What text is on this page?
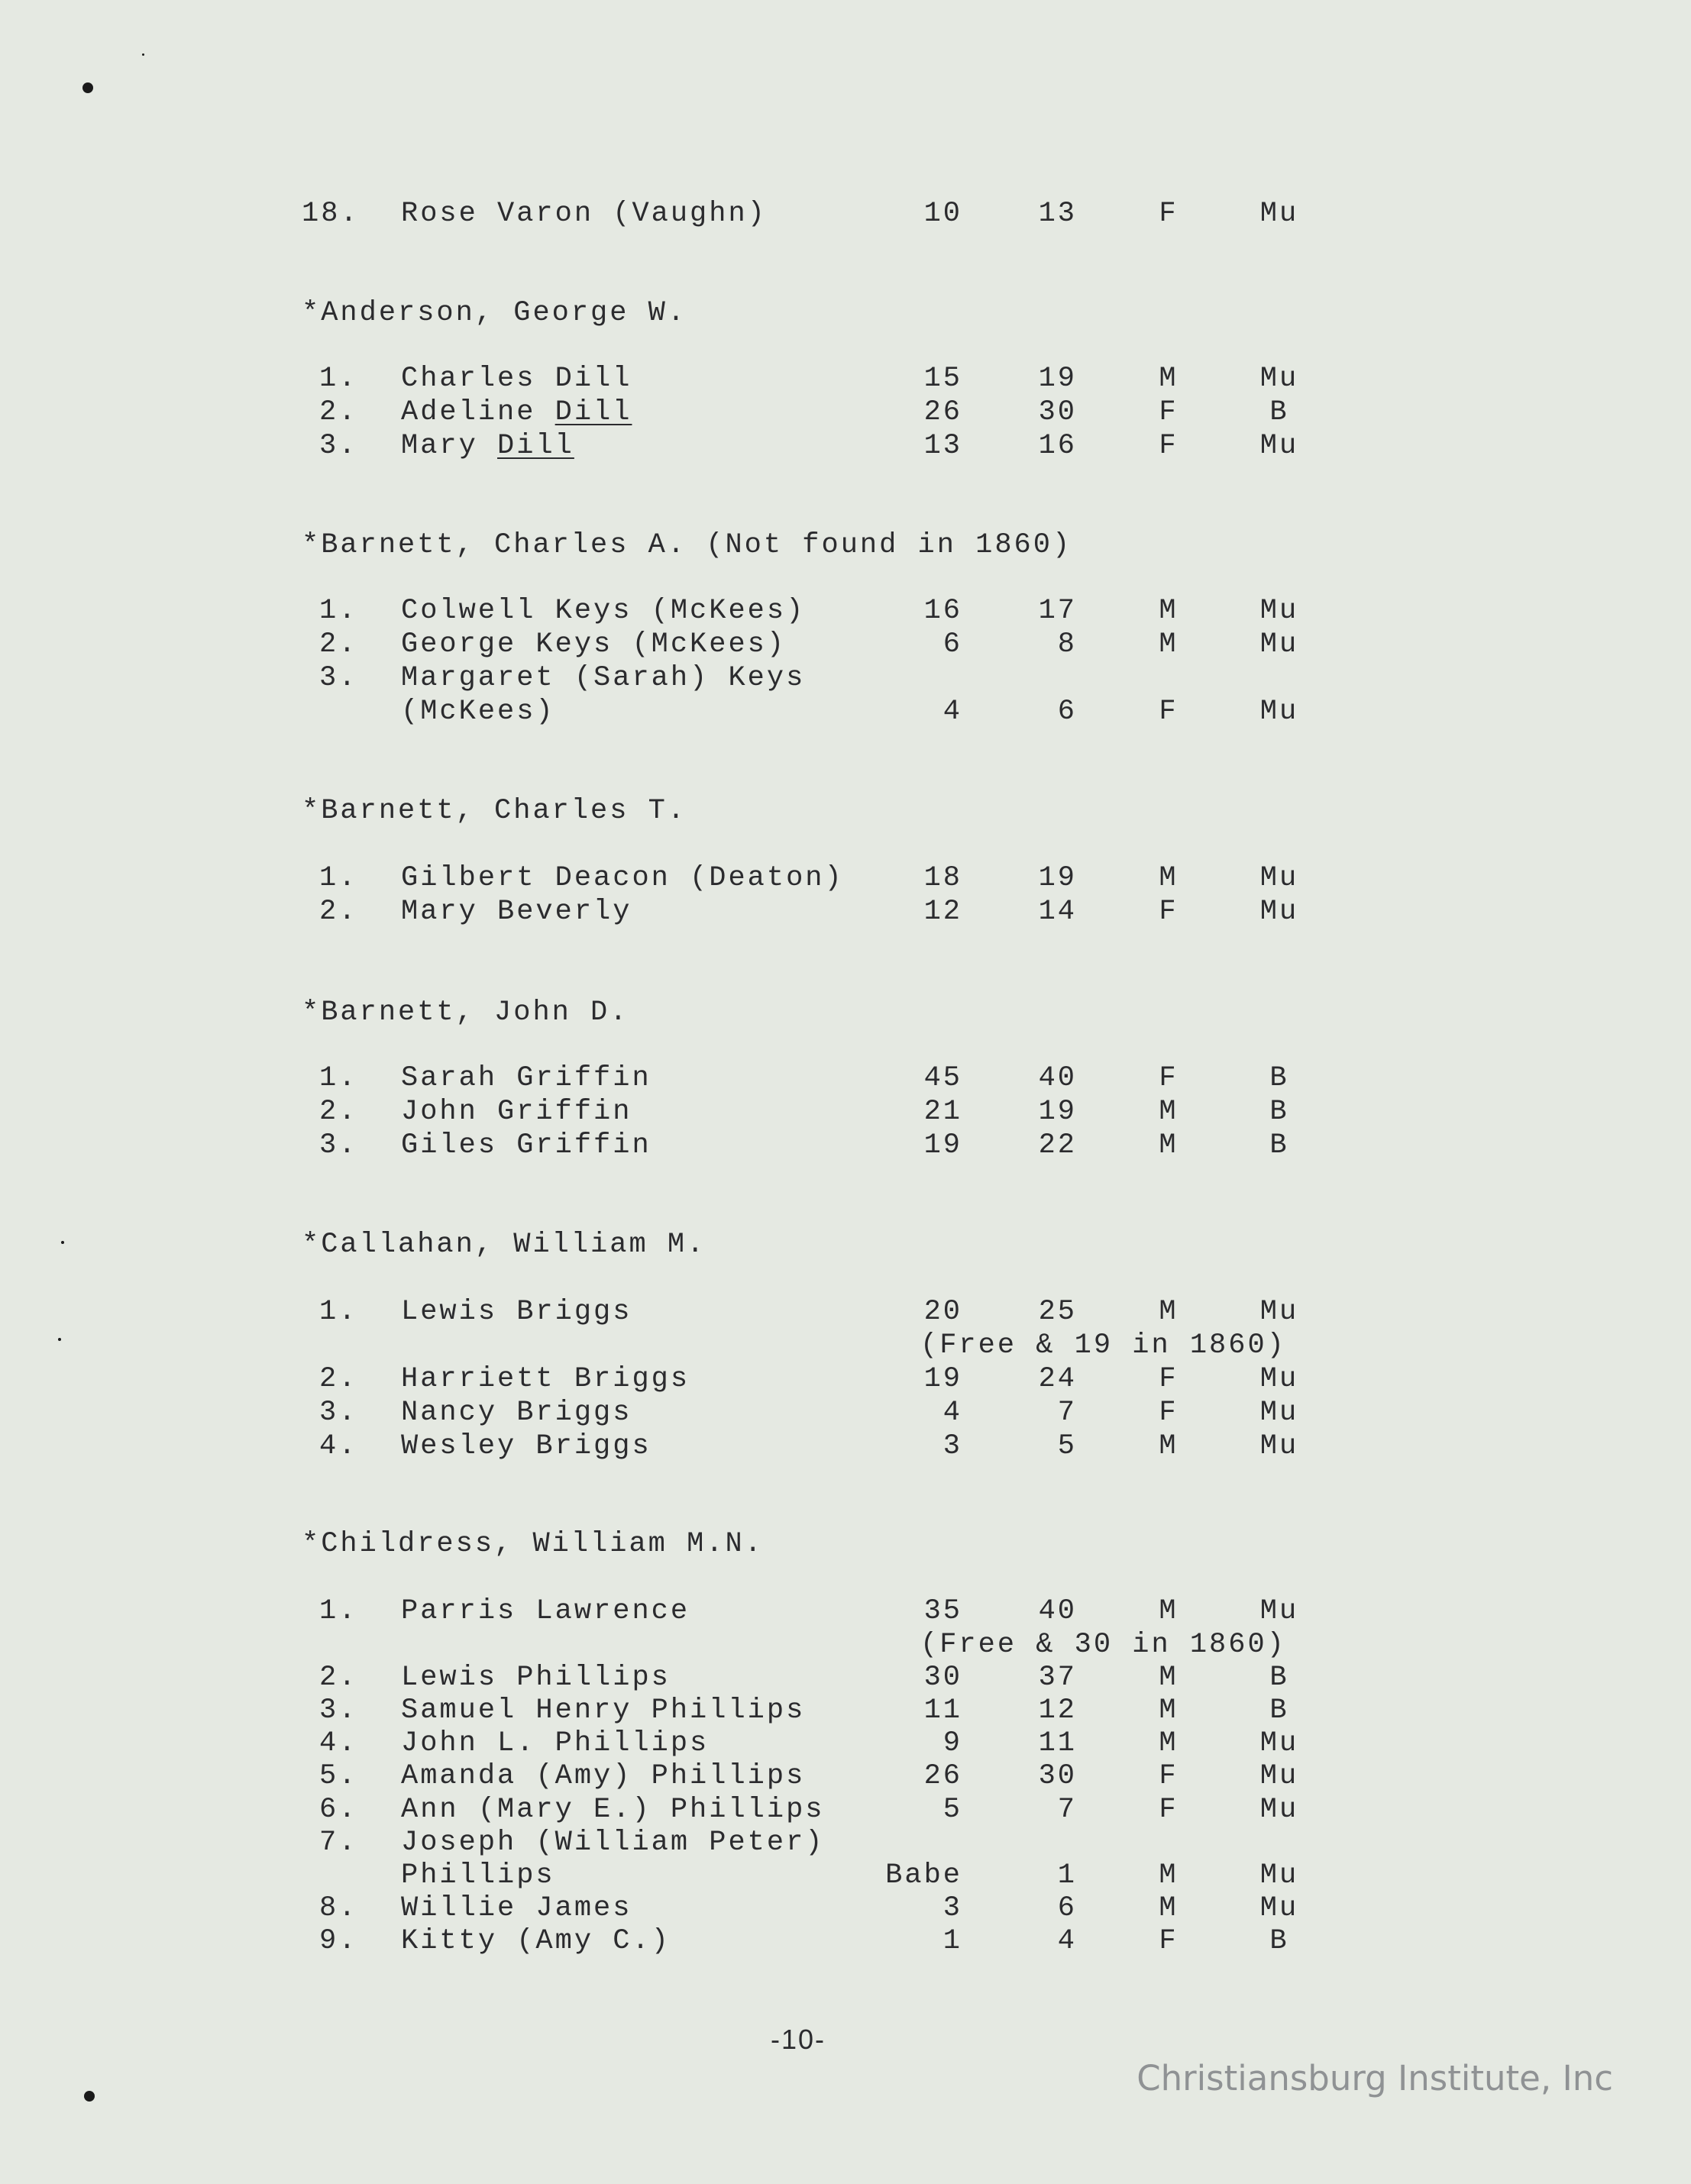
18. Rose Varon (Vaughn)	10	13	F	Mu
*Anderson, George W.
1. Charles Dill	15	19	M	Mu
2. Adeline Dill	26	30	F	B
3. Mary Dill	13	16	F	Mu
*Barnett, Charles A. (Not found in 1860)
1. Colwell Keys (McKees)	16	17	M	Mu
2. George Keys (McKees)	6	8	M	Mu
3. Margaret (Sarah) Keys
(McKees)	4	6	F	Mu
*Barnett, Charles T.
1. Gilbert Deacon (Deaton)	18	19	M	Mu
2. Mary Beverly	12	14	F	Mu
*Barnett, John D.
1. Sarah Griffin	45	40	F	B
2. John Griffin	21	19	M	B
3. Giles Griffin	19	22	M	B
*Callahan, William M.
1. Lewis Briggs	20	25	M	Mu
(Free & 19 in 1860)
2. Harriett Briggs	19	24	F	Mu
3. Nancy Briggs	4	7	F	Mu
4. Wesley Briggs	3	5	M	Mu
*Childress, William M.N.
1. Parris Lawrence	35	40	M	Mu
(Free & 30 in 1860)
2. Lewis Phillips	30	37	M	B
3. Samuel Henry Phillips	11	12	M	B
4. John L. Phillips	9	11	M	Mu
5. Amanda (Amy) Phillips	26	30	F	Mu
6. Ann (Mary E.) Phillips	5	7	F	Mu
7. Joseph (William Peter)
Phillips	Babe	1	M	Mu
8. Willie James	3	6	M	Mu
9. Kitty (Amy C.)	1	4	F	B
-10-
Christiansburg Institute, Inc
